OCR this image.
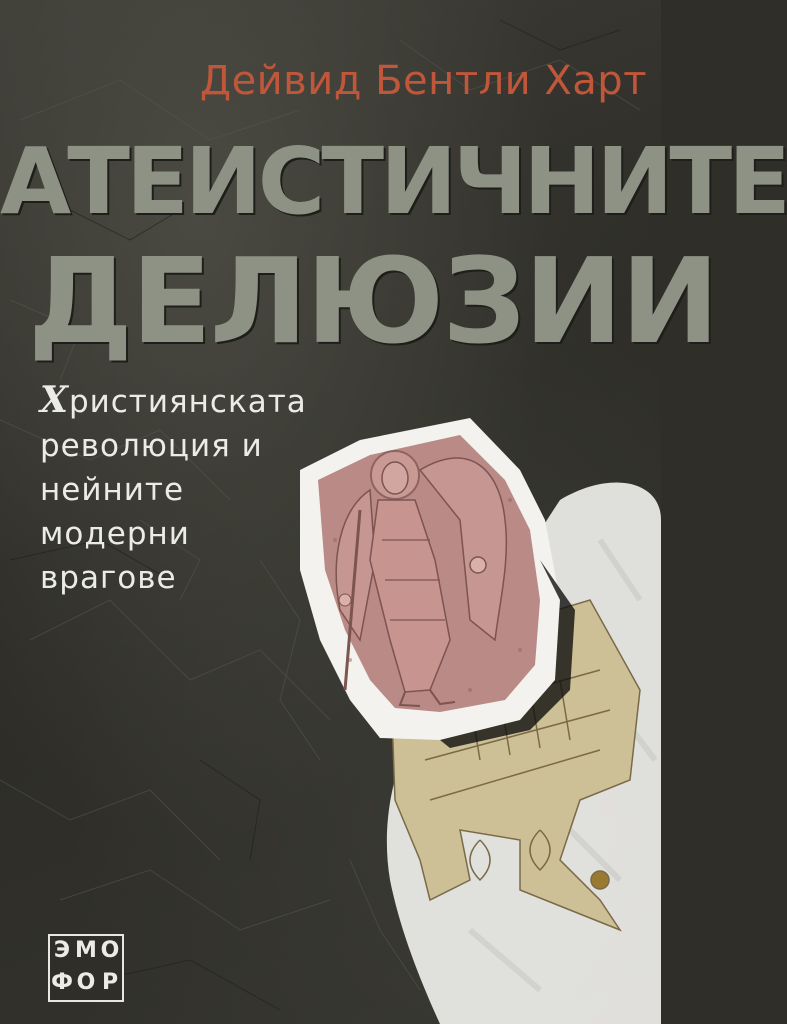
Дейвид Бентли Харт
АТЕИСТИЧНИТЕ
ДЕЛЮЗИИ
Християнската
революция и
нейните
модерни
врагове
Э М О
Ф О Р
